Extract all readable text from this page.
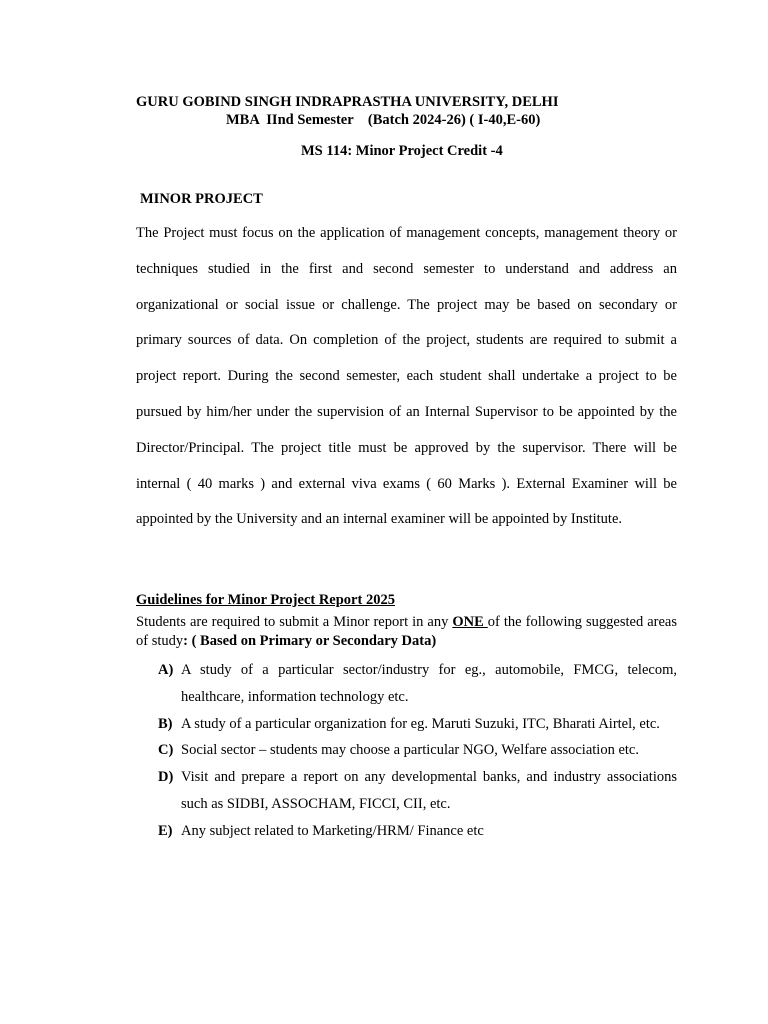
GURU GOBIND SINGH INDRAPRASTHA UNIVERSITY, DELHI
MBA  IInd Semester    (Batch 2024-26) ( I-40,E-60)
MS 114: Minor Project Credit -4
MINOR PROJECT
The Project must focus on the application of management concepts, management theory or techniques studied in the first and second semester to understand and address an organizational or social issue or challenge. The project may be based on secondary or primary sources of data. On completion of the project, students are required to submit a project report. During the second semester, each student shall undertake a project to be pursued by him/her under the supervision of an Internal Supervisor to be appointed by the Director/Principal. The project title must be approved by the supervisor. There will be internal ( 40 marks ) and external viva exams ( 60 Marks ). External Examiner will be appointed by the University and an internal examiner will be appointed by Institute.
Guidelines for Minor Project Report 2025
Students are required to submit a Minor report in any ONE of the following suggested areas of study: ( Based on Primary or Secondary Data)
A) A study of a particular sector/industry for eg., automobile, FMCG, telecom, healthcare, information technology etc.
B) A study of a particular organization for eg. Maruti Suzuki, ITC, Bharati Airtel, etc.
C) Social sector – students may choose a particular NGO, Welfare association etc.
D) Visit and prepare a report on any developmental banks, and industry associations such as SIDBI, ASSOCHAM, FICCI, CII, etc.
E) Any subject related to Marketing/HRM/ Finance etc
